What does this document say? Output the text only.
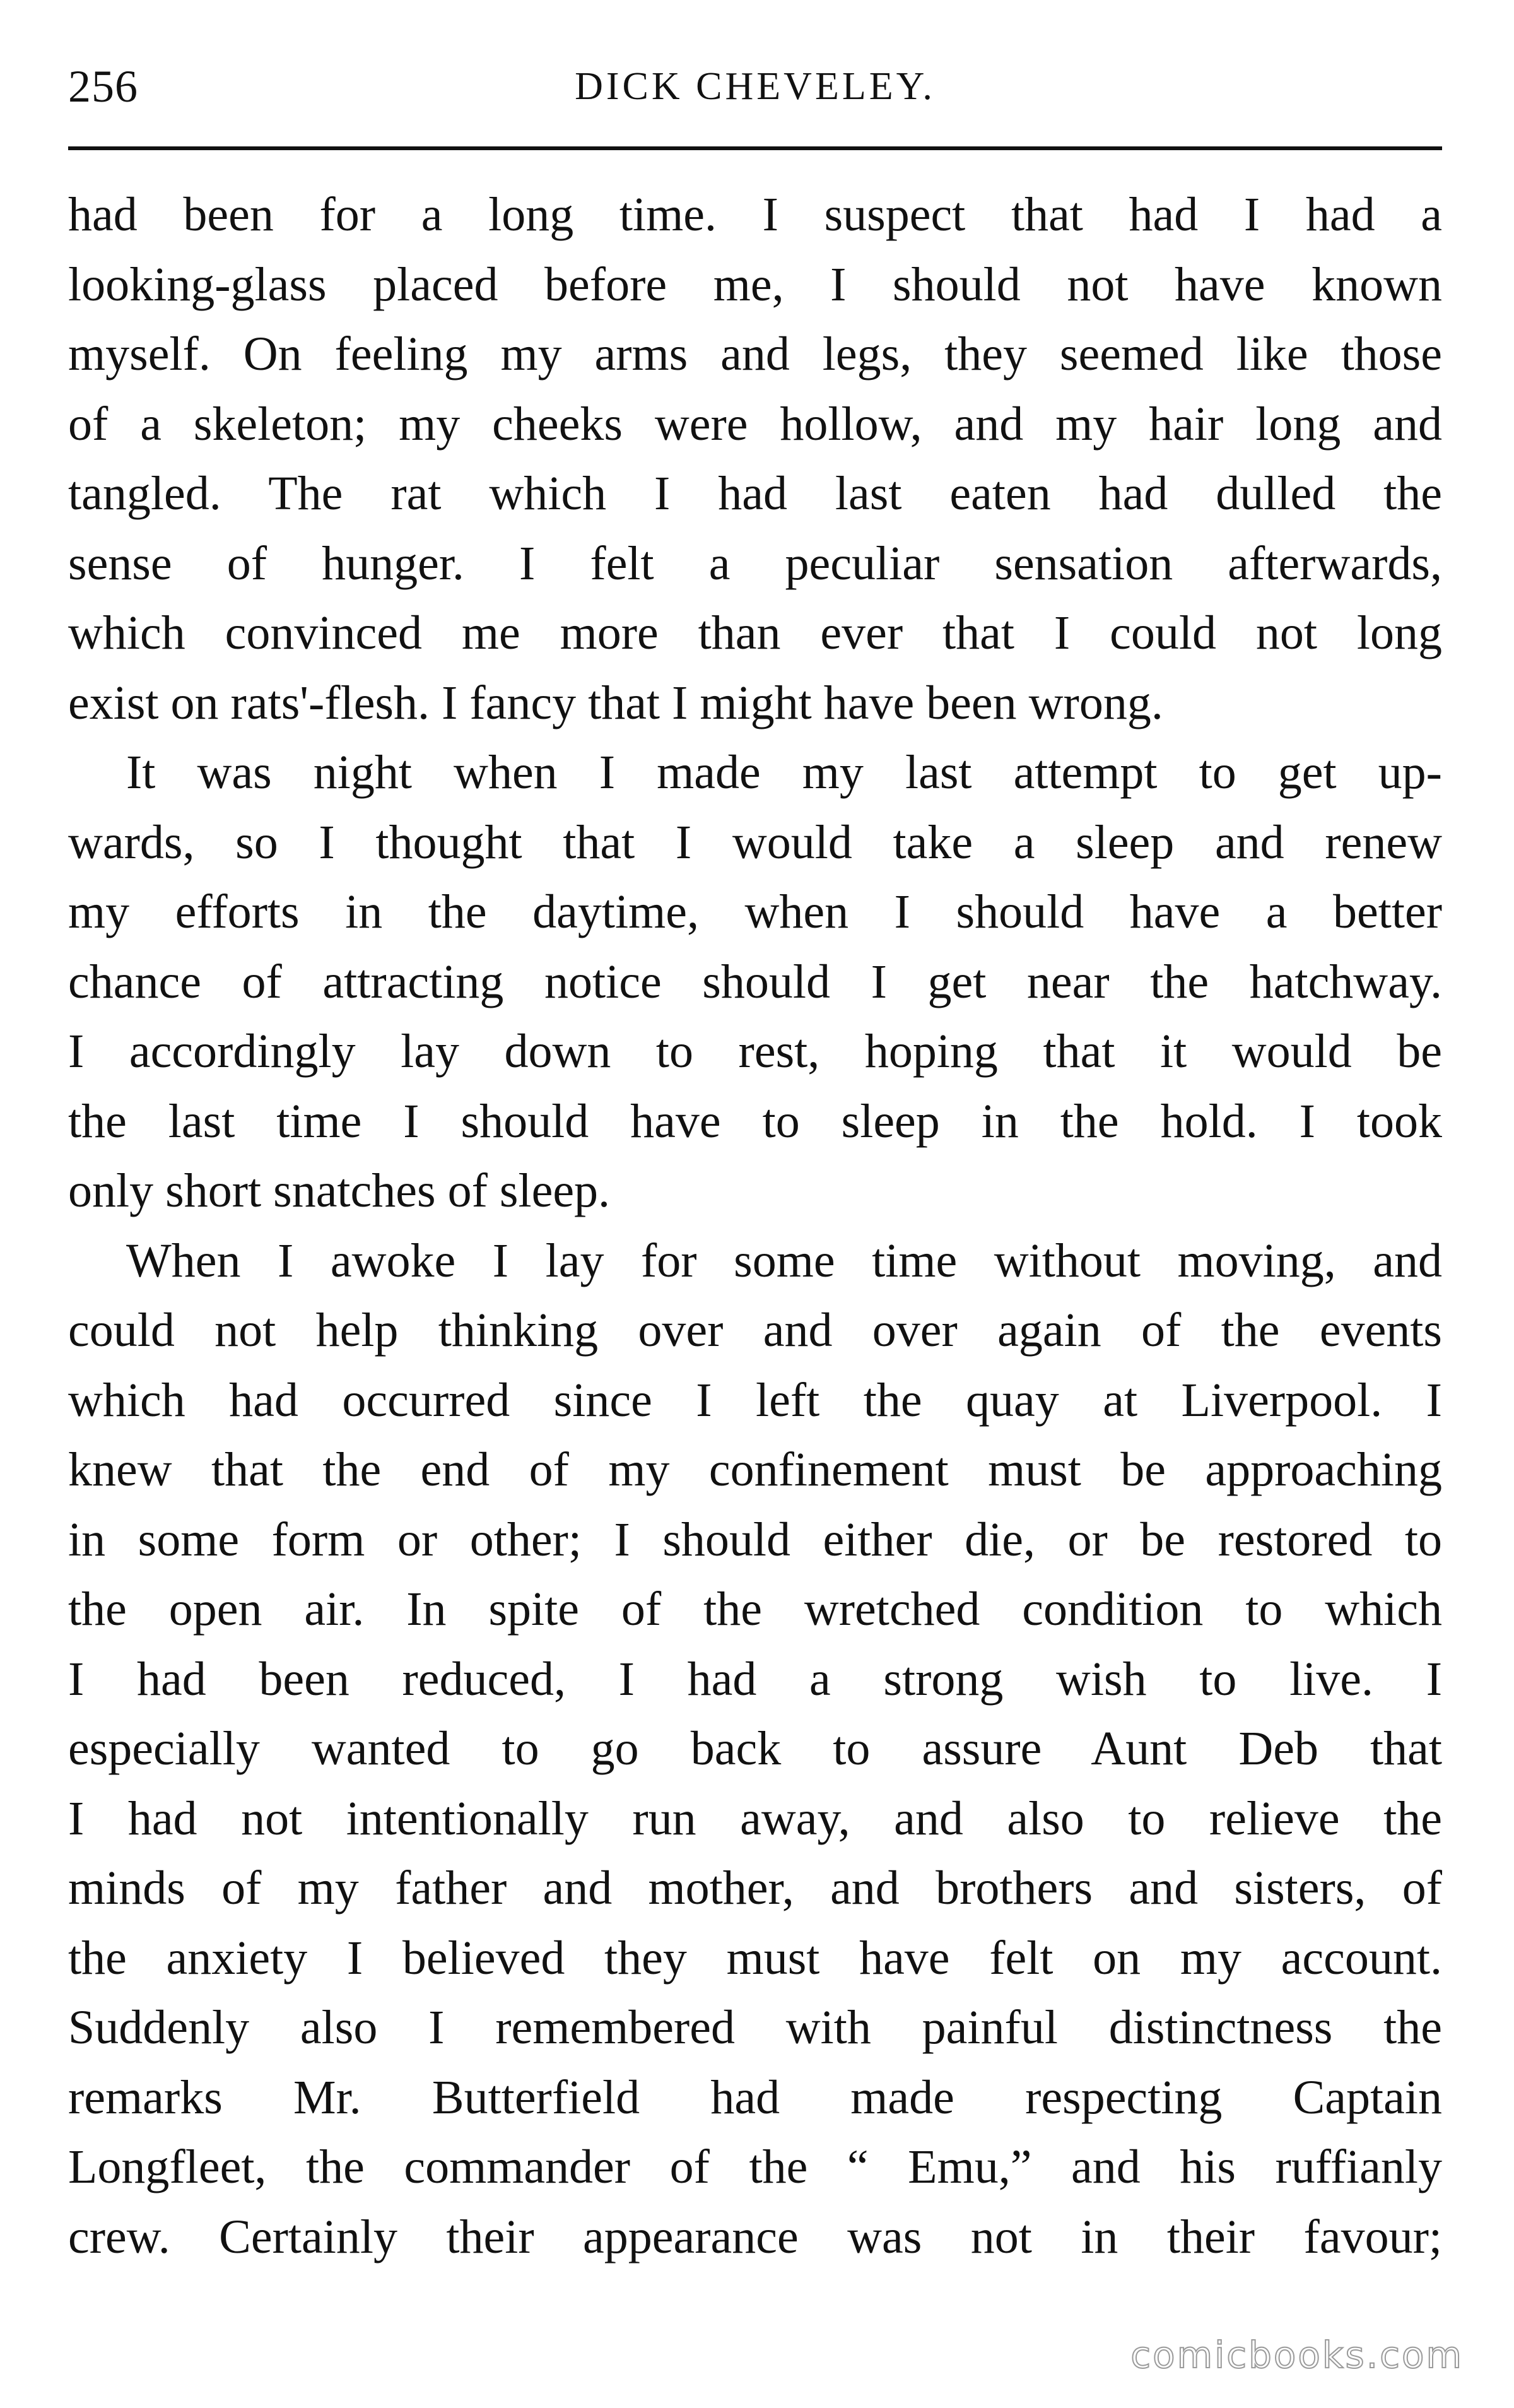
256	DICK CHEVELEY.
had been for a long time. I suspect that had I had a
looking-glass placed before me, I should not have known
myself. On feeling my arms and legs, they seemed like those
of a skeleton; my cheeks were hollow, and my hair long and
tangled. The rat which I had last eaten had dulled the
sense of hunger. I felt a peculiar sensation afterwards,
which convinced me more than ever that I could not long
exist on rats'-flesh. I fancy that I might have been wrong.
It was night when I made my last attempt to get up-
wards, so I thought that I would take a sleep and renew
my efforts in the daytime, when I should have a better
chance of attracting notice should I get near the hatchway.
I accordingly lay down to rest, hoping that it would be
the last time I should have to sleep in the hold. I took
only short snatches of sleep.
When I awoke I lay for some time without moving, and
could not help thinking over and over again of the events
which had occurred since I left the quay at Liverpool. I
knew that the end of my confinement must be approaching
in some form or other; I should either die, or be restored to
the open air. In spite of the wretched condition to which
I had been reduced, I had a strong wish to live. I
especially wanted to go back to assure Aunt Deb that
I had not intentionally run away, and also to relieve the
minds of my father and mother, and brothers and sisters, of
the anxiety I believed they must have felt on my account.
Suddenly also I remembered with painful distinctness the
remarks Mr. Butterfield had made respecting Captain
Longfleet, the commander of the “ Emu,” and his ruffianly
crew. Certainly their appearance was not in their favour;
comicbooks.com
